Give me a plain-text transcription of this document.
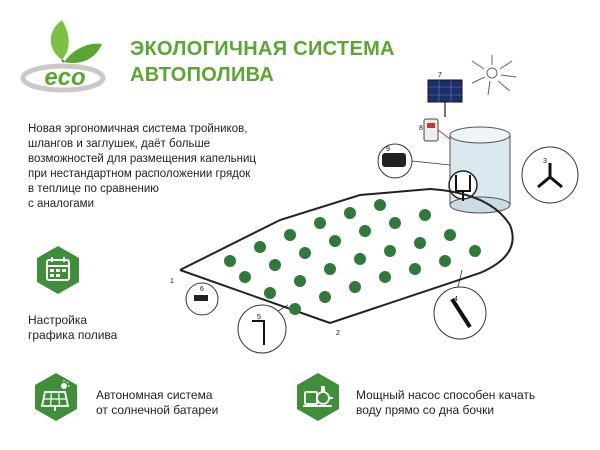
eco
ЭКОЛОГИЧНАЯ СИСТЕМА
АВТОПОЛИВА
Новая эргономичная система тройников,
шлангов и заглушек, даёт больше
возможностей для размещения капельниц
при нестандартном расположении грядок
в теплице по сравнению
с аналогами
Настройка
графика полива
Автономная система
от солнечной батареи
Мощный насос способен качать
воду прямо со дна бочки
7
8
9
3
4
5
6
1
2
